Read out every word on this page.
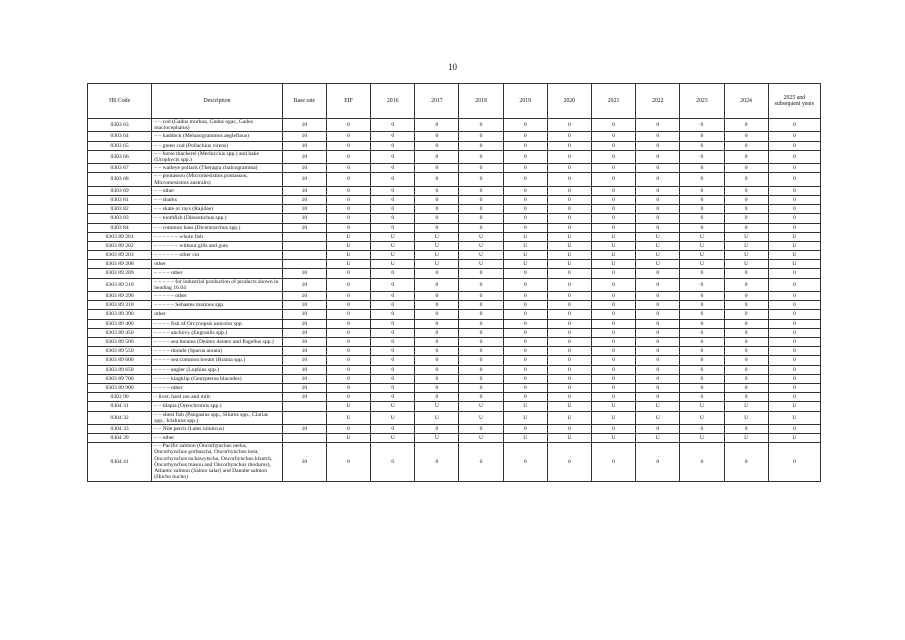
10
HS Code	Description	Base rate	EIF	2016	2017	2018	2019	2020	2021	2022	2023	2024	2025 and subsequent years
0303 63	– – cod (Gadus morhua, Gadus ogac, Gadus macrocephalus)	10	0	0	0	0	0	0	0	0	0	0	0
0303 64	– – haddock (Melanogrammus aeglefinus)	10	0	0	0	0	0	0	0	0	0	0	0
0303 65	– – green cod (Pollachius virens)	10	0	0	0	0	0	0	0	0	0	0	0
0303 66	– – horse mackerel (Merluccius spp.) and hake (Urophycis spp.)	10	0	0	0	0	0	0	0	0	0	0	0
0303 67	– – walleye pollack (Theragra chalcogramma)	10	0	0	0	0	0	0	0	0	0	0	0
0303 68	– – poutassou (Micromesistius poutassou, Micromesistius australis)	10	0	0	0	0	0	0	0	0	0	0	0
0303 69	– – other	10	0	0	0	0	0	0	0	0	0	0	0
0303 81	– – sharks	10	0	0	0	0	0	0	0	0	0	0	0
0303 82	– – skate or rays (Rajidae)	10	0	0	0	0	0	0	0	0	0	0	0
0303 83	– – toothfish (Dissostichus spp.)	10	0	0	0	0	0	0	0	0	0	0	0
0303 84	– – common bass (Dicentrarchus spp.)	10	0	0	0	0	0	0	0	0	0	0	0
0303 89 201	– – – – – – whole fish		U	U	U	U	U	U	U	U	U	U	U
0303 89 202	– – – – – – without gills and guts		U	U	U	U	U	U	U	U	U	U	U
0303 89 203	– – – – – – other cut		U	U	U	U	U	U	U	U	U	U	U
0303 89 208	other		U	U	U	U	U	U	U	U	U	U	U
0303 89 209	– – – – other	10	0	0	0	0	0	0	0	0	0	0	0
0303 89 210	– – – – – for industrial production of products shown in heading 16.04	10	0	0	0	0	0	0	0	0	0	0	0
0303 89 290	– – – – – other	10	0	0	0	0	0	0	0	0	0	0	0
0303 89 310	– – – – – Sebastes marinus spp.	10	0	0	0	0	0	0	0	0	0	0	0
0303 89 390	other	10	0	0	0	0	0	0	0	0	0	0	0
0303 89 400	– – – – fish of Orcynopsis unicolor spp.	10	0	0	0	0	0	0	0	0	0	0	0
0303 89 450	– – – – anchovy (Engraulis spp.)	10	0	0	0	0	0	0	0	0	0	0	0
0303 89 500	– – – – sea breams (Dentex dentex and Pagellus spp.)	10	0	0	0	0	0	0	0	0	0	0	0
0303 89 550	– – – – dorado (Sparus aurata)	10	0	0	0	0	0	0	0	0	0	0	0
0303 89 600	– – – – sea common bream (Brama spp.)	10	0	0	0	0	0	0	0	0	0	0	0
0303 89 650	– – – – angler (Lophius spp.)	10	0	0	0	0	0	0	0	0	0	0	0
0303 89 700	– – – – kingklip (Genypterus blacodes)	10	0	0	0	0	0	0	0	0	0	0	0
0303 89 900	– – – – other	10	0	0	0	0	0	0	0	0	0	0	0
0303 90	– liver, hard roe and milt:	10	0	0	0	0	0	0	0	0	0	0	0
0304 31	– – tilapia (Oreochromis spp.)		U	U	U	U	U	U	U	U	U	U	U
0304 32	– – sheat fish (Pangasius spp., Silurus spp., Clarias spp., Ictalurus spp.)		U	U	U	U	U	U	U	U	U	U	U
0304 33	– – Nile perch (Lates niloticus)	10	0	0	0	0	0	0	0	0	0	0	0
0304 39	– – other		U	U	U	U	U	U	U	U	U	U	U
0304 41	– – Pacific salmon (Oncorhynchus nerka, Oncorhynchus gorbuscha, Oncorhynchus keta, Oncorhynchus tschawytscha, Oncorhynchus kisutch, Oncorhynchus masou and Oncorhynchus rhodurus), Atlantic salmon (Salmo salar) and Danube salmon (Hucho hucho)	10	0	0	0	0	0	0	0	0	0	0	0
